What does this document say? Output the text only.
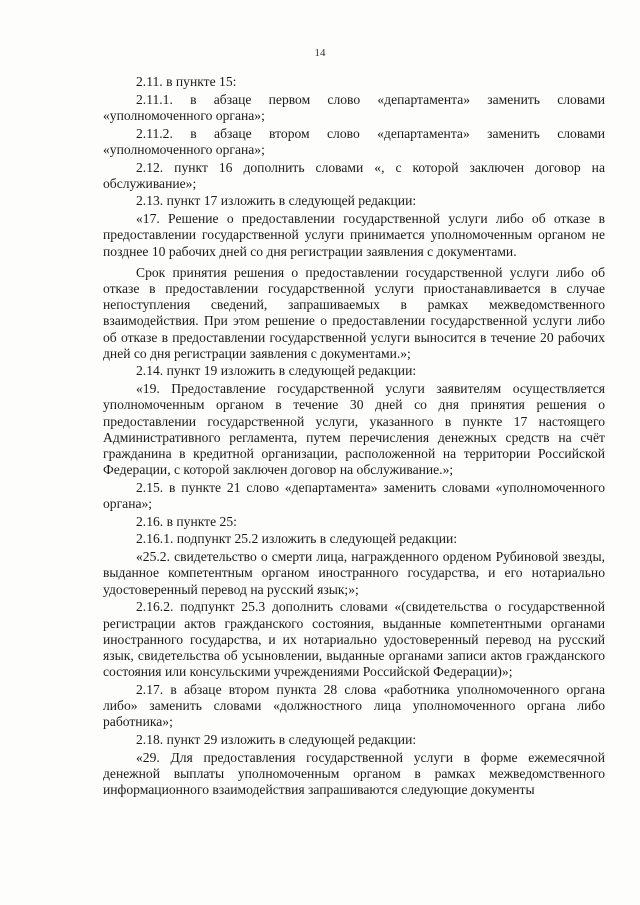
14

2.11. в пункте 15:

2.11.1. в абзаце первом слово «департамента» заменить словами «уполномоченного органа»;

2.11.2. в абзаце втором слово «департамента» заменить словами «уполномоченного органа»;

2.12. пункт 16 дополнить словами «, с которой заключен договор на обслуживание»;

2.13. пункт 17 изложить в следующей редакции:

«17. Решение о предоставлении государственной услуги либо об отказе в предоставлении государственной услуги принимается уполномоченным органом не позднее 10 рабочих дней со дня регистрации заявления с документами.

Срок принятия решения о предоставлении государственной услуги либо об отказе в предоставлении государственной услуги приостанавливается в случае непоступления сведений, запрашиваемых в рамках межведомственного взаимодействия. При этом решение о предоставлении государственной услуги либо об отказе в предоставлении государственной услуги выносится в течение 20 рабочих дней со дня регистрации заявления с документами.»;

2.14. пункт 19 изложить в следующей редакции:

«19. Предоставление государственной услуги заявителям осуществляется уполномоченным органом в течение 30 дней со дня принятия решения о предоставлении государственной услуги, указанного в пункте 17 настоящего Административного регламента, путем перечисления денежных средств на счёт гражданина в кредитной организации, расположенной на территории Российской Федерации, с которой заключен договор на обслуживание.»;

2.15. в пункте 21 слово «департамента» заменить словами «уполномоченного органа»;

2.16. в пункте 25:

2.16.1. подпункт 25.2 изложить в следующей редакции:

«25.2. свидетельство о смерти лица, награжденного орденом Рубиновой звезды, выданное компетентным органом иностранного государства, и его нотариально удостоверенный перевод на русский язык;»;

2.16.2. подпункт 25.3 дополнить словами «(свидетельства о государственной регистрации актов гражданского состояния, выданные компетентными органами иностранного государства, и их нотариально удостоверенный перевод на русский язык, свидетельства об усыновлении, выданные органами записи актов гражданского состояния или консульскими учреждениями Российской Федерации)»;

2.17. в абзаце втором пункта 28 слова «работника уполномоченного органа либо» заменить словами «должностного лица уполномоченного органа либо работника»;

2.18. пункт 29 изложить в следующей редакции:

«29. Для предоставления государственной услуги в форме ежемесячной денежной выплаты уполномоченным органом в рамках межведомственного информационного взаимодействия запрашиваются следующие документы
